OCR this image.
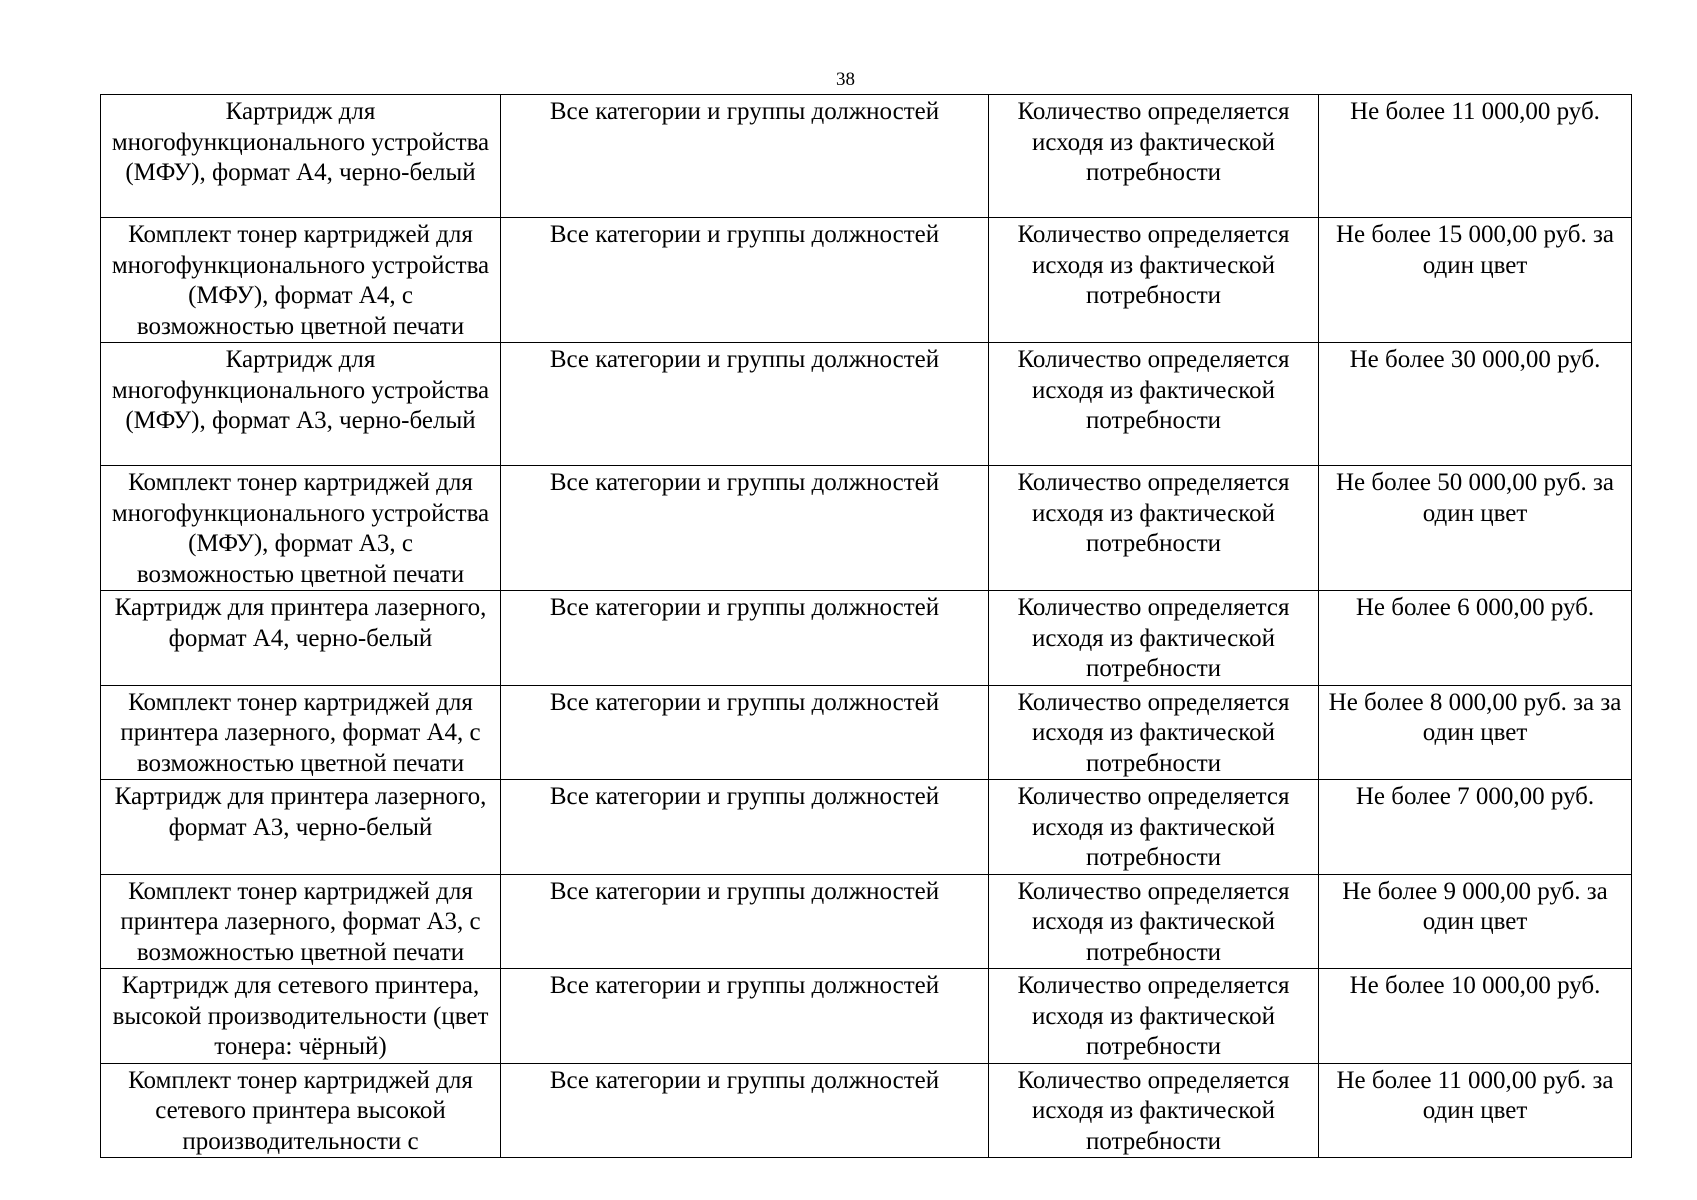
38
Картридж для многофункционального устройства (МФУ), формат А4, черно-белый	Все категории и группы должностей	Количество определяется исходя из фактической потребности	Не более 11 000,00 руб.
Комплект тонер картриджей для многофункционального устройства (МФУ), формат А4, с возможностью цветной печати	Все категории и группы должностей	Количество определяется исходя из фактической потребности	Не более 15 000,00 руб. за один цвет
Картридж для многофункционального устройства (МФУ), формат А3, черно-белый	Все категории и группы должностей	Количество определяется исходя из фактической потребности	Не более 30 000,00 руб.
Комплект тонер картриджей для многофункционального устройства (МФУ), формат А3, с возможностью цветной печати	Все категории и группы должностей	Количество определяется исходя из фактической потребности	Не более 50 000,00 руб. за один цвет
Картридж для принтера лазерного, формат А4, черно-белый	Все категории и группы должностей	Количество определяется исходя из фактической потребности	Не более 6 000,00 руб.
Комплект тонер картриджей для принтера лазерного, формат А4, с возможностью цветной печати	Все категории и группы должностей	Количество определяется исходя из фактической потребности	Не более 8 000,00 руб. за за один цвет
Картридж для принтера лазерного, формат А3, черно-белый	Все категории и группы должностей	Количество определяется исходя из фактической потребности	Не более 7 000,00 руб.
Комплект тонер картриджей для принтера лазерного, формат А3, с возможностью цветной печати	Все категории и группы должностей	Количество определяется исходя из фактической потребности	Не более 9 000,00 руб. за один цвет
Картридж для сетевого принтера, высокой производительности (цвет тонера: чёрный)	Все категории и группы должностей	Количество определяется исходя из фактической потребности	Не более 10 000,00 руб.
Комплект тонер картриджей для сетевого принтера высокой производительности с	Все категории и группы должностей	Количество определяется исходя из фактической потребности	Не более 11 000,00 руб. за один цвет
